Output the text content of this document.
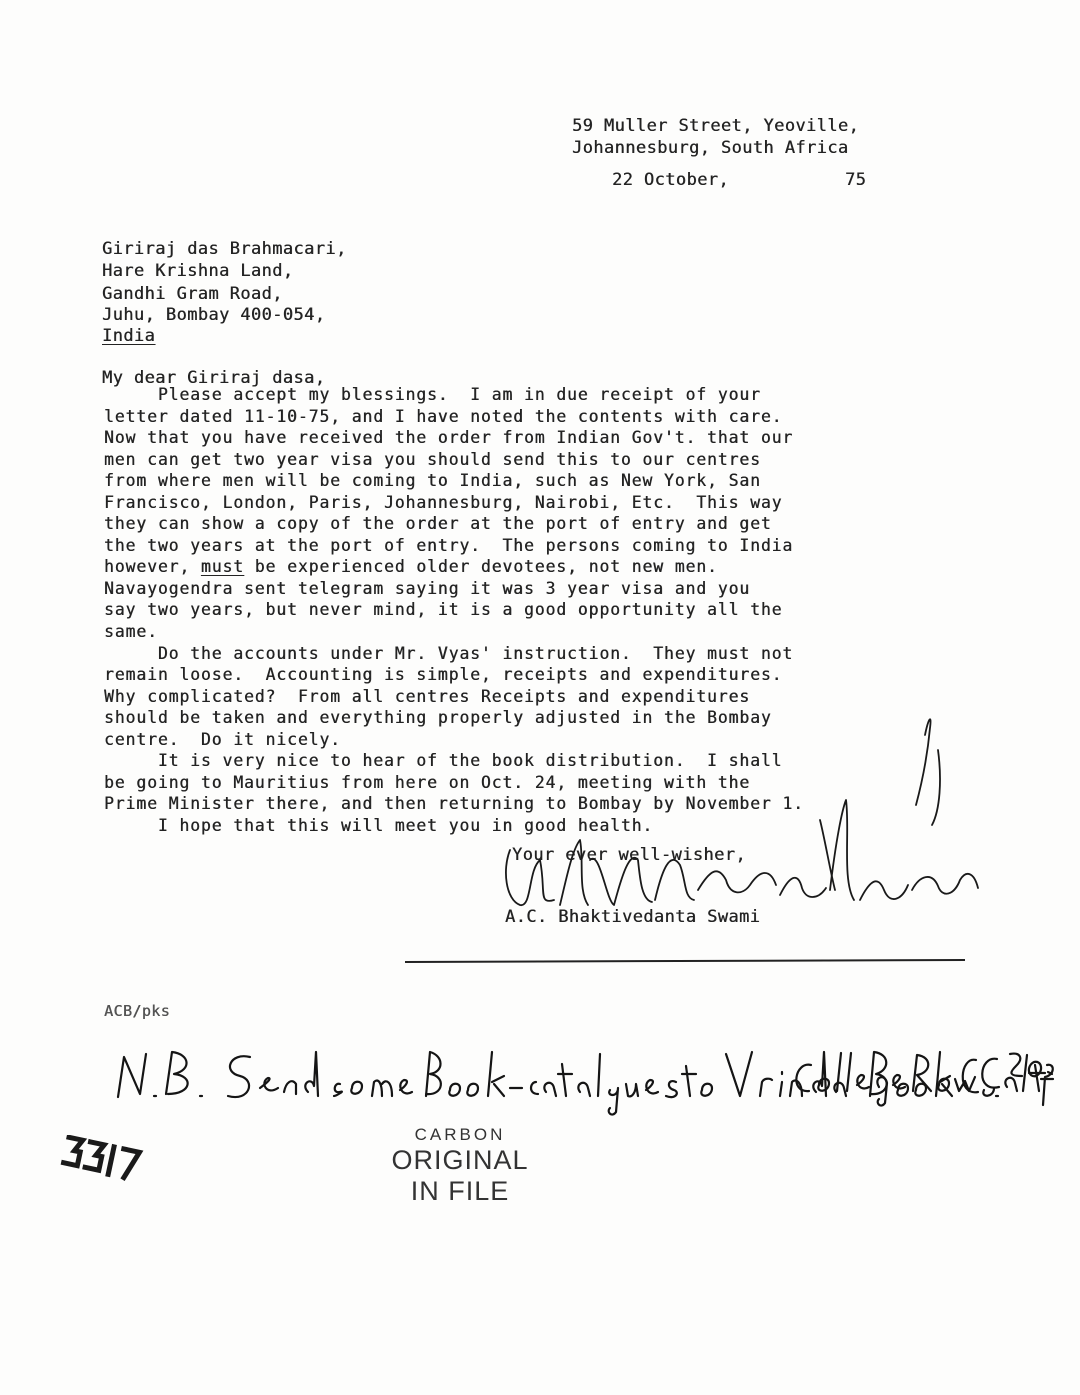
59 Muller Street, Yeoville,
Johannesburg, South Africa
22 October,	75
Giriraj das Brahmacari,
Hare Krishna Land,
Gandhi Gram Road,
Juhu, Bombay 400-054,
India
My dear Giriraj dasa,
Please accept my blessings.  I am in due receipt of your
letter dated 11-10-75, and I have noted the contents with care.
Now that you have received the order from Indian Gov't. that our
men can get two year visa you should send this to our centres
from where men will be coming to India, such as New York, San
Francisco, London, Paris, Johannesburg, Nairobi, Etc.  This way
they can show a copy of the order at the port of entry and get
the two years at the port of entry.  The persons coming to India
however, must be experienced older devotees, not new men.
Navayogendra sent telegram saying it was 3 year visa and you
say two years, but never mind, it is a good opportunity all the
same.
Do the accounts under Mr. Vyas' instruction.  They must not
remain loose.  Accounting is simple, receipts and expenditures.
Why complicated?  From all centres Receipts and expenditures
should be taken and everything properly adjusted in the Bombay
centre.  Do it nicely.
It is very nice to hear of the book distribution.  I shall
be going to Mauritius from here on Oct. 24, meeting with the
Prime Minister there, and then returning to Bombay by November 1.
I hope that this will meet you in good health.
Your ever well-wisher,
A.C. Bhaktivedanta Swami
ACB/pks
CARBON
ORIGINAL
IN FILE
